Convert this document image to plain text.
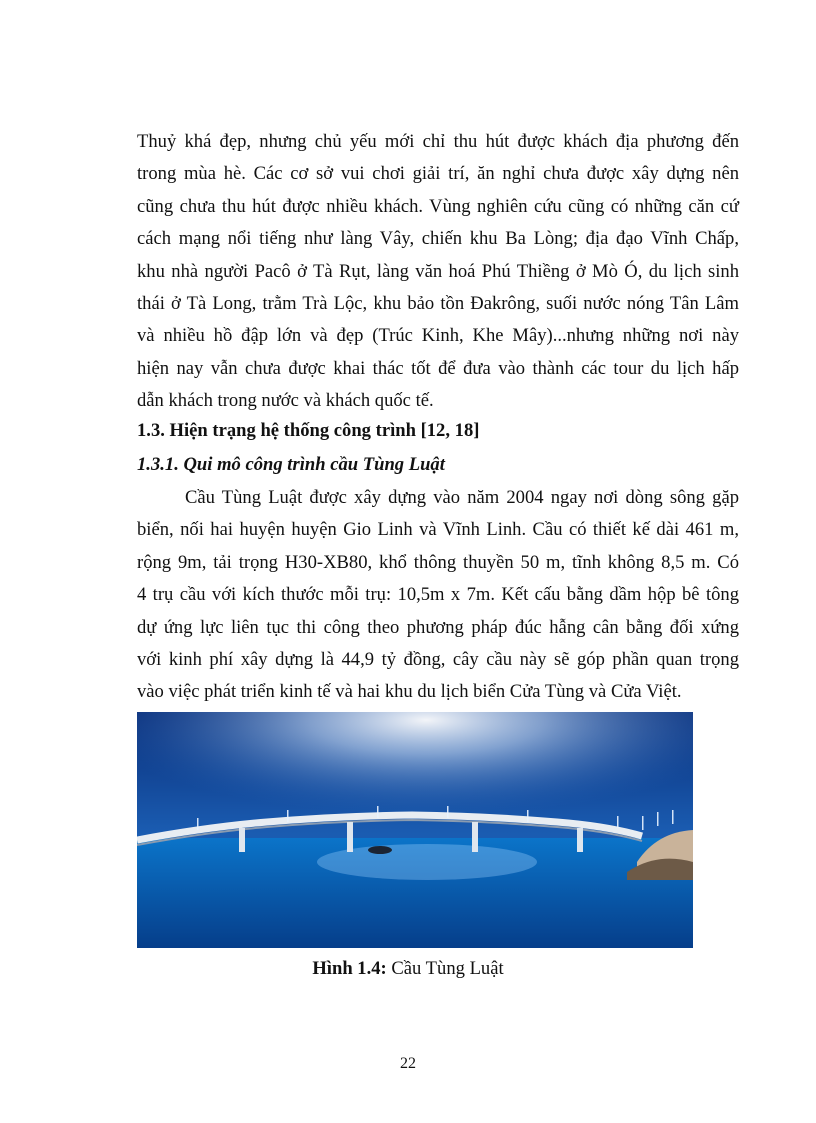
Thuỷ khá đẹp, nhưng chủ yếu mới chỉ thu hút được khách địa phương đến
trong mùa hè. Các cơ sở vui chơi giải trí, ăn nghỉ chưa được xây dựng nên
cũng chưa thu hút được nhiều khách. Vùng nghiên cứu cũng có những căn cứ
cách mạng nổi tiếng như làng Vây, chiến khu Ba Lòng; địa đạo Vĩnh Chấp,
khu nhà người Pacô ở Tà Rụt, làng văn hoá Phú Thiềng ở Mò Ó, du lịch sinh
thái ở Tà Long, trằm Trà Lộc, khu bảo tồn Đakrông, suối nước nóng Tân Lâm
và nhiều hồ đập lớn và đẹp (Trúc Kinh, Khe Mây)...nhưng những nơi này
hiện nay vẫn chưa được khai thác tốt để đưa vào thành các tour du lịch hấp
dẫn khách trong nước và khách quốc tế.

1.3. Hiện trạng hệ thống công trình [12, 18]
1.3.1. Qui mô công trình cầu Tùng Luật

Cầu Tùng Luật được xây dựng vào năm 2004 ngay nơi dòng sông gặp
biển, nối hai huyện huyện Gio Linh và Vĩnh Linh. Cầu có thiết kế dài 461 m,
rộng 9m, tải trọng H30-XB80, khổ thông thuyền 50 m, tĩnh không 8,5 m. Có
4 trụ cầu với kích thước mỗi trụ: 10,5m x 7m. Kết cấu bằng dầm hộp bê tông
dự ứng lực liên tục thi công theo phương pháp đúc hẫng cân bằng đối xứng
với kinh phí xây dựng là 44,9 tỷ đồng, cây cầu này sẽ góp phần quan trọng
vào việc phát triển kinh tế và hai khu du lịch biển Cửa Tùng và Cửa Việt.

Hình 1.4: Cầu Tùng Luật
22
